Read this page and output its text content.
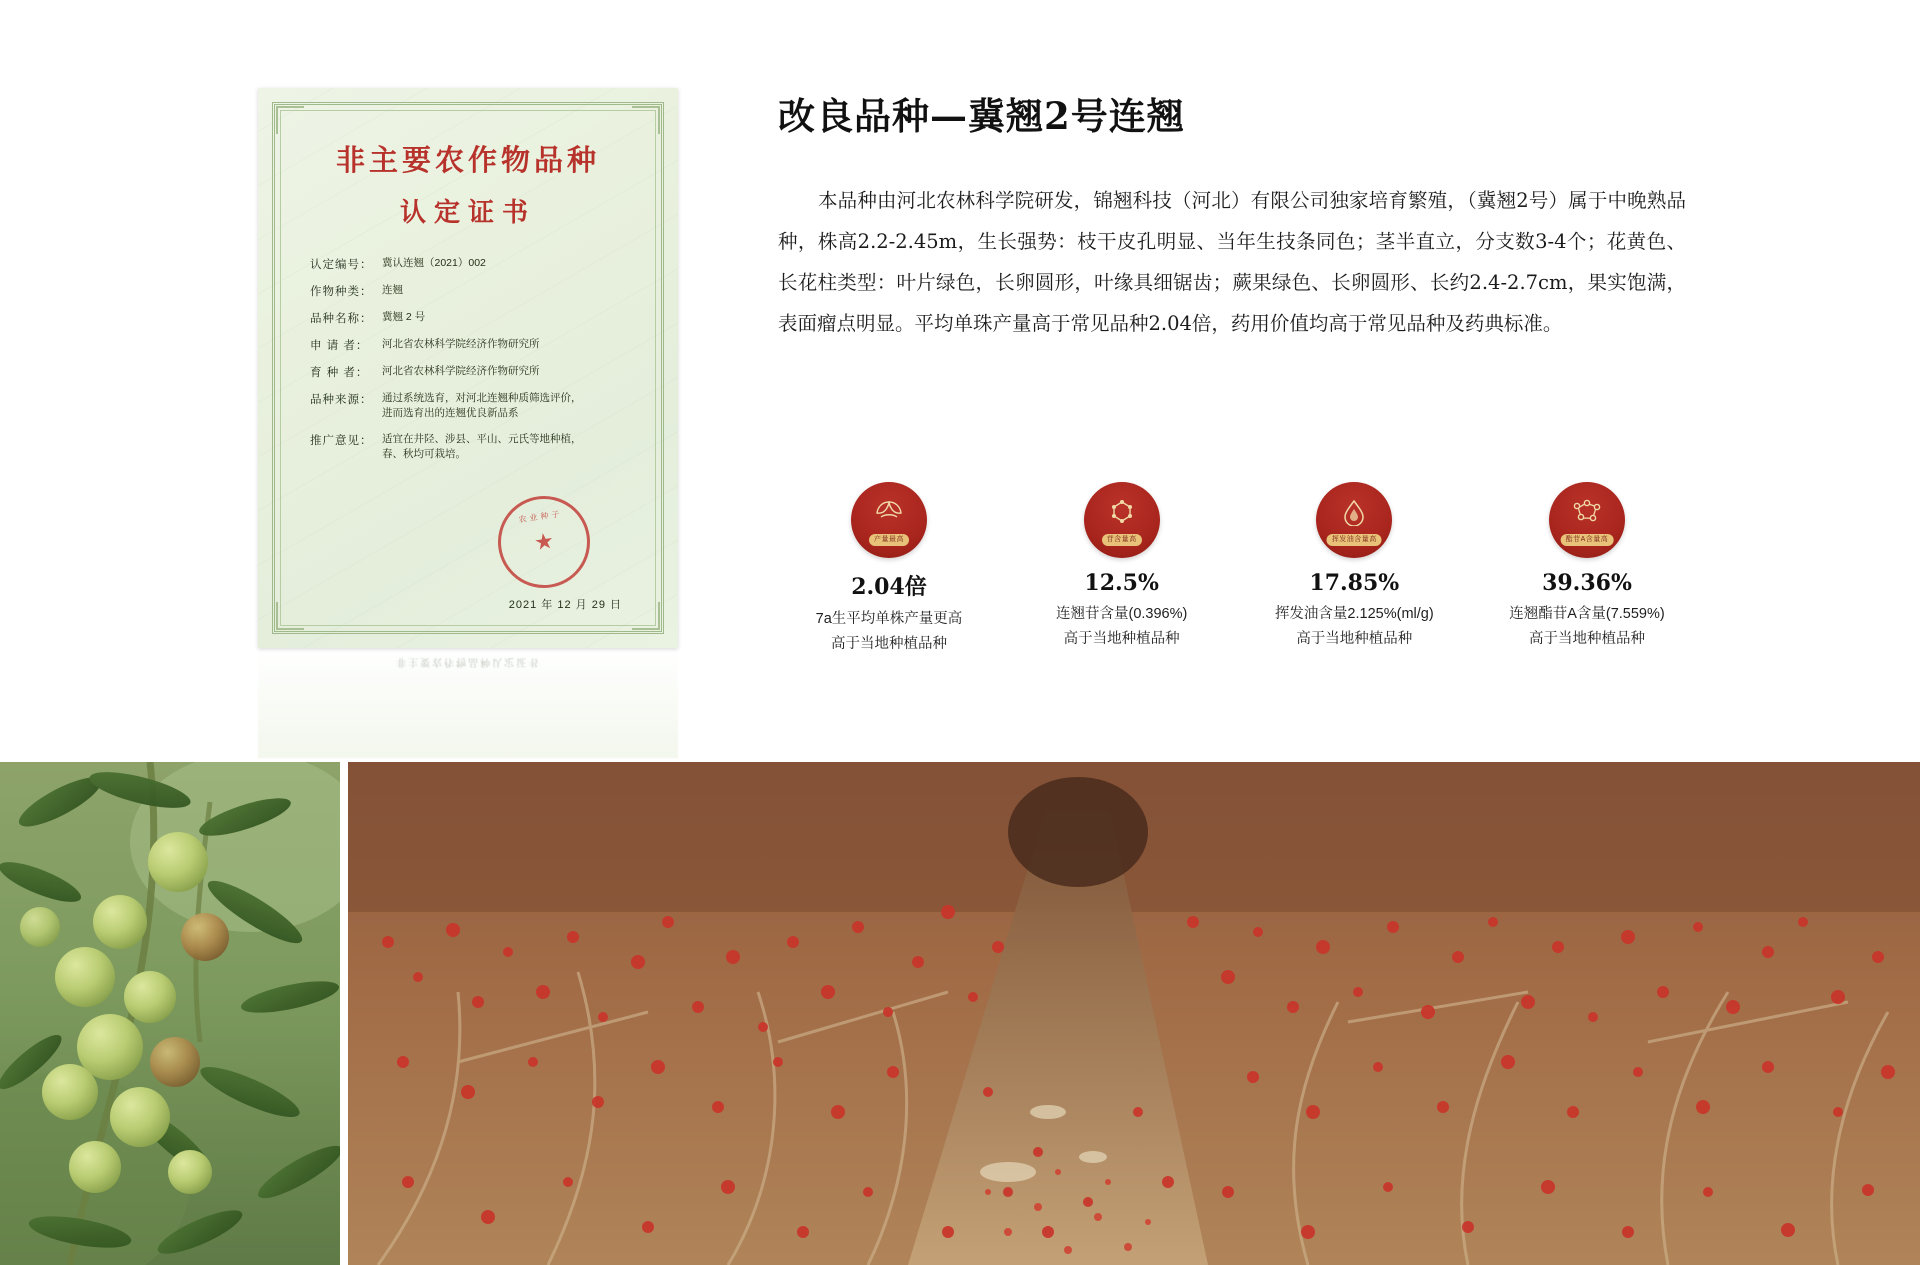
非主要农作物品种
认定证书
认定编号： 冀认连翘（2021）002
作物种类： 连翘
品种名称： 冀翘 2 号
申 请 者：	河北省农林科学院经济作物研究所
育 种 者：	河北省农林科学院经济作物研究所
品种来源： 通过系统选育，对河北连翘种质筛选评价，
进而选育出的连翘优良新品系
推广意见： 适宜在井陉、涉县、平山、元氏等地种植，
春、秋均可栽培。
农业种子
★
2021 年 12 月 29 日
非主要农作物品种认定证书
改良品种—冀翘2号连翘
本品种由河北农林科学院研发，锦翘科技（河北）有限公司独家培育繁殖，（冀翘2号）属于中晚熟品种，株高2.2-2.45m，生长强势：枝干皮孔明显、当年生技条同色；茎半直立，分支数3-4个；花黄色、长花柱类型：叶片绿色，长卵圆形，叶缘具细锯齿；蕨果绿色、长卵圆形、长约2.4-2.7cm，果实饱满，表面瘤点明显。平均单珠产量高于常见品种2.04倍，药用价值均高于常见品种及药典标准。
产量最高
2.04倍
7a生平均单株产量更高
高于当地种植品种
苷含量高
12.5%
连翘苷含量(0.396%)
高于当地种植品种
挥发油含量高
17.85%
挥发油含量2.125%(ml/g)
高于当地种植品种
酯苷A含量高
39.36%
连翘酯苷A含量(7.559%)
高于当地种植品种
